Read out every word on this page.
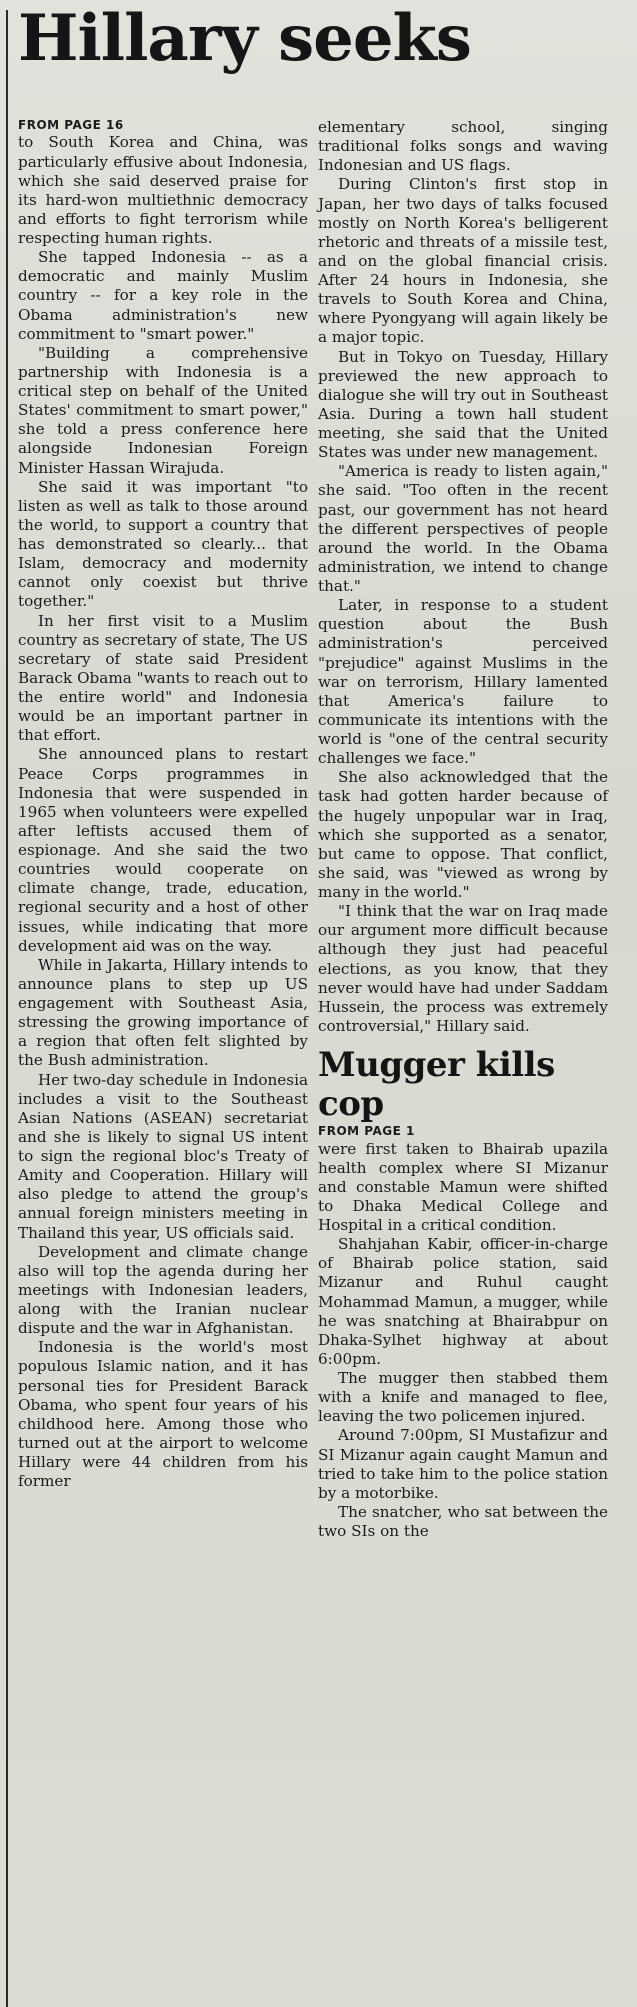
Hillary seeks
FROM PAGE 16

to South Korea and China, was particularly effusive about Indonesia, which she said deserved praise for its hard-won multiethnic democracy and efforts to fight terrorism while respecting human rights.

She tapped Indonesia -- as a democratic and mainly Muslim country -- for a key role in the Obama administration's new commitment to "smart power."

"Building a comprehensive partnership with Indonesia is a critical step on behalf of the United States' commitment to smart power," she told a press conference here alongside Indonesian Foreign Minister Hassan Wirajuda.

She said it was important "to listen as well as talk to those around the world, to support a country that has demonstrated so clearly... that Islam, democracy and modernity cannot only coexist but thrive together."

In her first visit to a Muslim country as secretary of state, The US secretary of state said President Barack Obama "wants to reach out to the entire world" and Indonesia would be an important partner in that effort.

She announced plans to restart Peace Corps programmes in Indonesia that were suspended in 1965 when volunteers were expelled after leftists accused them of espionage. And she said the two countries would cooperate on climate change, trade, education, regional security and a host of other issues, while indicating that more development aid was on the way.

While in Jakarta, Hillary intends to announce plans to step up US engagement with Southeast Asia, stressing the growing importance of a region that often felt slighted by the Bush administration.

Her two-day schedule in Indonesia includes a visit to the Southeast Asian Nations (ASEAN) secretariat and she is likely to signal US intent to sign the regional bloc's Treaty of Amity and Cooperation. Hillary will also pledge to attend the group's annual foreign ministers meeting in Thailand this year, US officials said.

Development and climate change also will top the agenda during her meetings with Indonesian leaders, along with the Iranian nuclear dispute and the war in Afghanistan.

Indonesia is the world's most populous Islamic nation, and it has personal ties for President Barack Obama, who spent four years of his childhood here. Among those who turned out at the airport to welcome Hillary were 44 children from his former

elementary school, singing traditional folks songs and waving Indonesian and US flags.

During Clinton's first stop in Japan, her two days of talks focused mostly on North Korea's belligerent rhetoric and threats of a missile test, and on the global financial crisis. After 24 hours in Indonesia, she travels to South Korea and China, where Pyongyang will again likely be a major topic.

But in Tokyo on Tuesday, Hillary previewed the new approach to dialogue she will try out in Southeast Asia. During a town hall student meeting, she said that the United States was under new management.

"America is ready to listen again," she said. "Too often in the recent past, our government has not heard the different perspectives of people around the world. In the Obama administration, we intend to change that."

Later, in response to a student question about the Bush administration's perceived "prejudice" against Muslims in the war on terrorism, Hillary lamented that America's failure to communicate its intentions with the world is "one of the central security challenges we face."

She also acknowledged that the task had gotten harder because of the hugely unpopular war in Iraq, which she supported as a senator, but came to oppose. That conflict, she said, was "viewed as wrong by many in the world."

"I think that the war on Iraq made our argument more difficult because although they just had peaceful elections, as you know, that they never would have had under Saddam Hussein, the process was extremely controversial," Hillary said.

Mugger kills cop
FROM PAGE 1

were first taken to Bhairab upazila health complex where SI Mizanur and constable Mamun were shifted to Dhaka Medical College and Hospital in a critical condition.

Shahjahan Kabir, officer-in-charge of Bhairab police station, said Mizanur and Ruhul caught Mohammad Mamun, a mugger, while he was snatching at Bhairabpur on Dhaka-Sylhet highway at about 6:00pm.

The mugger then stabbed them with a knife and managed to flee, leaving the two policemen injured.

Around 7:00pm, SI Mustafizur and SI Mizanur again caught Mamun and tried to take him to the police station by a motorbike.

The snatcher, who sat between the two SIs on the
